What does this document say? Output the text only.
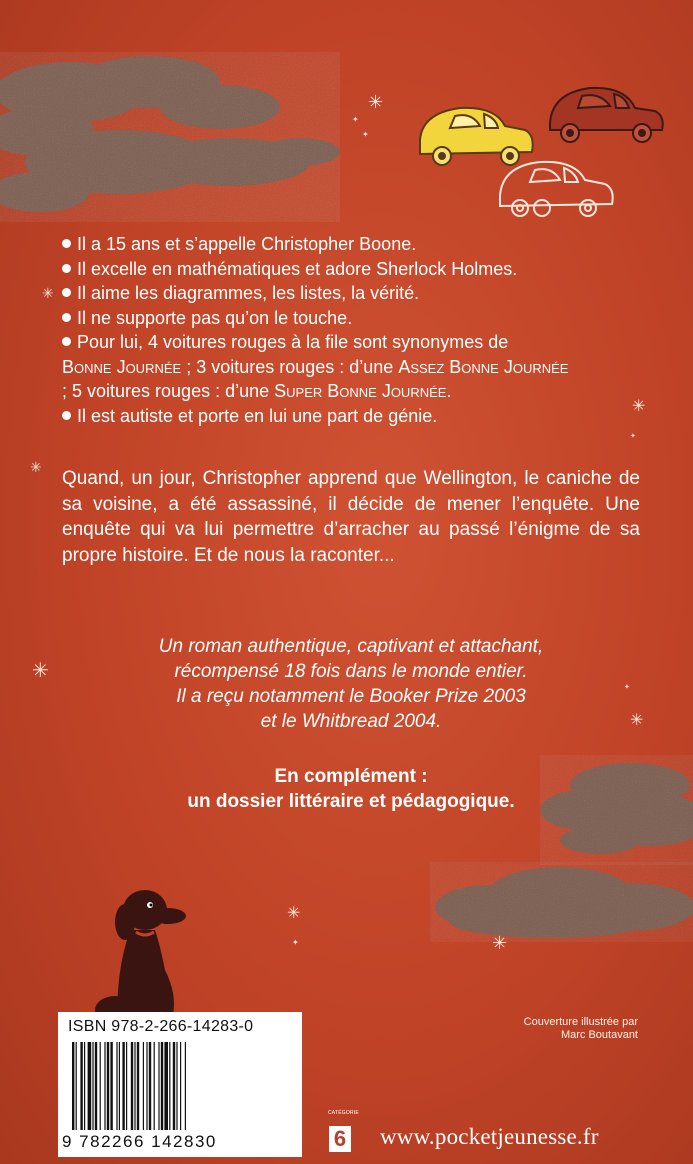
✳
✦
✦
✳
✳
✦
✳
✳
✦
✳
✳
✦	✳
Il a 15 ans et s’appelle Christopher Boone.
Il excelle en mathématiques et adore Sherlock Holmes.
Il aime les diagrammes, les listes, la vérité.
Il ne supporte pas qu’on le touche.
Pour lui, 4 voitures rouges à la file sont synonymes de
Bonne Journée ; 3 voitures rouges : d’une Assez Bonne Journée
; 5 voitures rouges : d’une Super Bonne Journée.
Il est autiste et porte en lui une part de génie.

Quand, un jour, Christopher apprend que Wellington, le caniche de sa voisine, a été assassiné, il décide de mener l’enquête. Une enquête qui va lui permettre d’arracher au passé l’énigme de sa propre histoire. Et de nous la raconter...

Un roman authentique, captivant et attachant,
récompensé 18 fois dans le monde entier.
Il a reçu notamment le Booker Prize 2003
et le Whitbread 2004.

En complément :
un dossier littéraire et pédagogique.

ISBN 978-2-266-14283-0
9 782266 142830
Couverture illustrée par
Marc Boutavant
CATÉGORIE
6 www.pocketjeunesse.fr
